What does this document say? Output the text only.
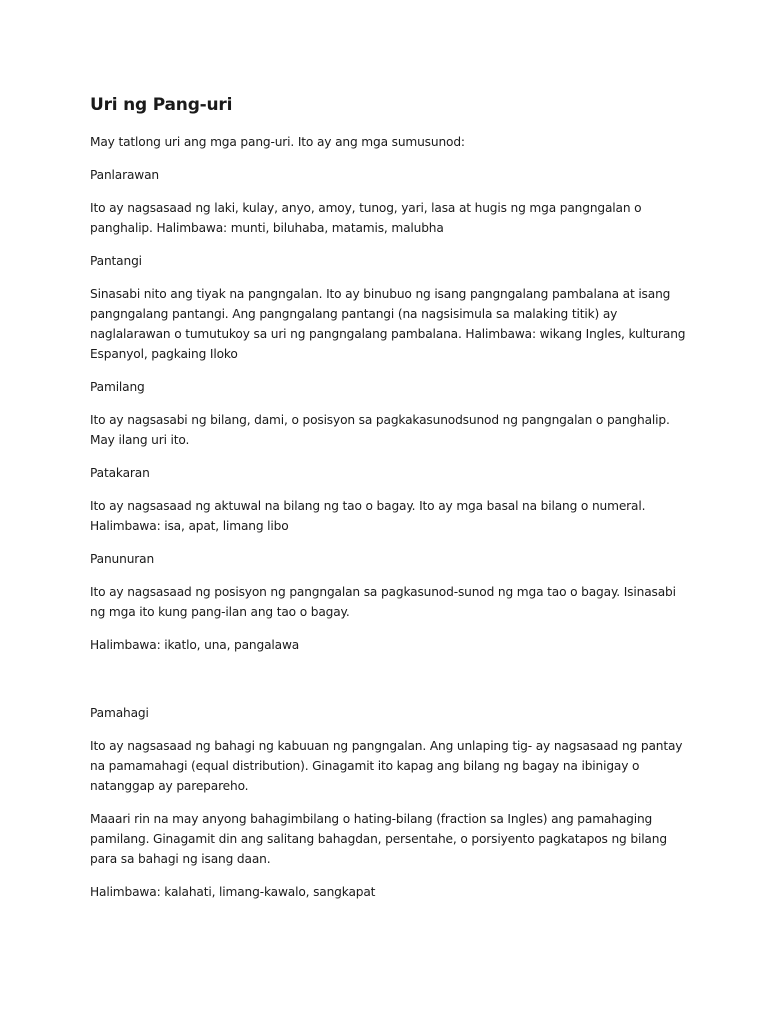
Uri ng Pang-uri
May tatlong uri ang mga pang-uri. Ito ay ang mga sumusunod:
Panlarawan
Ito ay nagsasaad ng laki, kulay, anyo, amoy, tunog, yari, lasa at hugis ng mga pangngalan o panghalip. Halimbawa: munti, biluhaba, matamis, malubha
Pantangi
Sinasabi nito ang tiyak na pangngalan. Ito ay binubuo ng isang pangngalang pambalana at isang pangngalang pantangi. Ang pangngalang pantangi (na nagsisimula sa malaking titik) ay naglalarawan o tumutukoy sa uri ng pangngalang pambalana. Halimbawa: wikang Ingles, kulturang Espanyol, pagkaing Iloko
Pamilang
Ito ay nagsasabi ng bilang, dami, o posisyon sa pagkakasunodsunod ng pangngalan o panghalip. May ilang uri ito.
Patakaran
Ito ay nagsasaad ng aktuwal na bilang ng tao o bagay. Ito ay mga basal na bilang o numeral. Halimbawa: isa, apat, limang libo
Panunuran
Ito ay nagsasaad ng posisyon ng pangngalan sa pagkasunod-sunod ng mga tao o bagay. Isinasabi ng mga ito kung pang-ilan ang tao o bagay.
Halimbawa: ikatlo, una, pangalawa
Pamahagi
Ito ay nagsasaad ng bahagi ng kabuuan ng pangngalan. Ang unlaping tig- ay nagsasaad ng pantay na pamamahagi (equal distribution). Ginagamit ito kapag ang bilang ng bagay na ibinigay o natanggap ay parepareho.
Maaari rin na may anyong bahagimbilang o hating-bilang (fraction sa Ingles) ang pamahaging pamilang. Ginagamit din ang salitang bahagdan, persentahe, o porsiyento pagkatapos ng bilang para sa bahagi ng isang daan.
Halimbawa: kalahati, limang-kawalo, sangkapat
